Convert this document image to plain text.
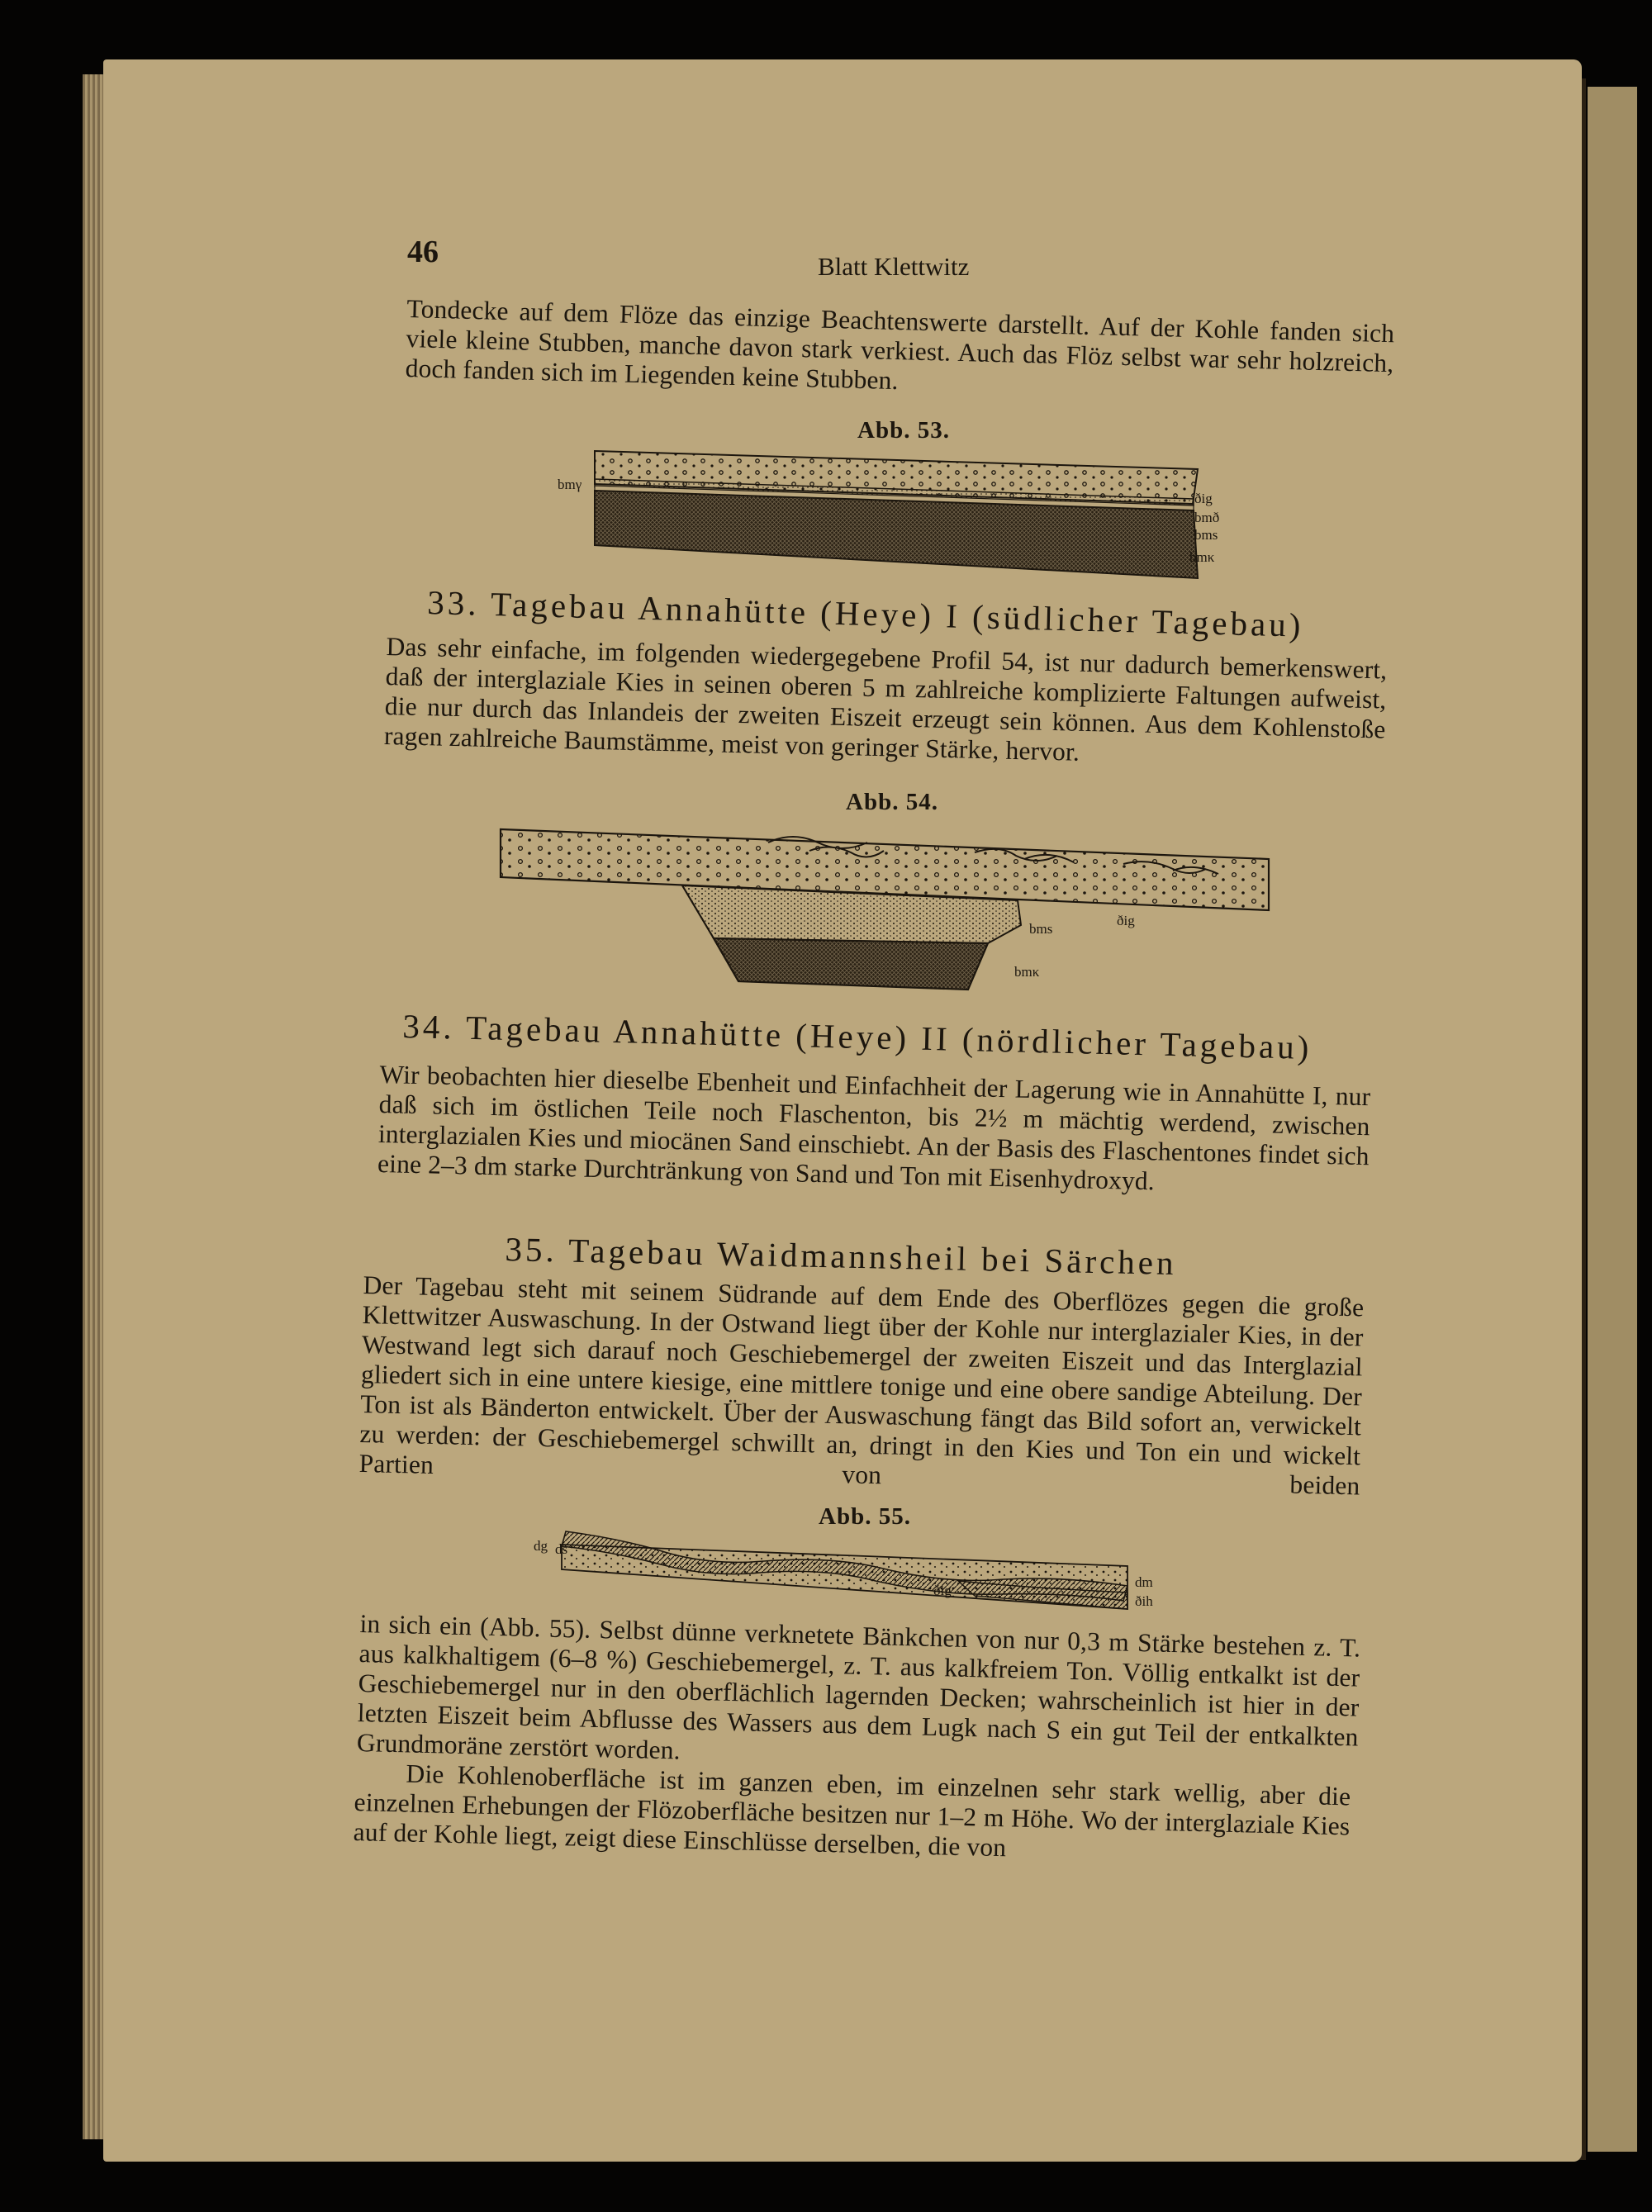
46	Blatt Klettwitz

Tondecke auf dem Flöze das einzige Beachtenswerte darstellt. Auf der Kohle fanden sich viele kleine Stubben, manche davon stark verkiest. Auch das Flöz selbst war sehr holzreich, doch fanden sich im Liegenden keine Stubben.

Abb. 53.
bmγ
ðig
bmð
bms
bmκ
33. Tagebau Annahütte (Heye) I (südlicher Tagebau)

Das sehr einfache, im folgenden wiedergegebene Profil 54, ist nur dadurch bemerkenswert, daß der interglaziale Kies in seinen oberen 5 m zahlreiche komplizierte Faltungen aufweist, die nur durch das Inlandeis der zweiten Eiszeit erzeugt sein können. Aus dem Kohlenstoße ragen zahlreiche Baumstämme, meist von geringer Stärke, hervor.

Abb. 54.
bms
ðig
bmκ
34. Tagebau Annahütte (Heye) II (nördlicher Tagebau)

Wir beobachten hier dieselbe Ebenheit und Einfachheit der Lagerung wie in Annahütte I, nur daß sich im östlichen Teile noch Flaschenton, bis 2½ m mächtig werdend, zwischen interglazialen Kies und miocänen Sand einschiebt. An der Basis des Flaschentones findet sich eine 2–3 dm starke Durchtränkung von Sand und Ton mit Eisenhydroxyd.

35. Tagebau Waidmannsheil bei Särchen

Der Tagebau steht mit seinem Südrande auf dem Ende des Oberflözes gegen die große Klettwitzer Auswaschung. In der Ostwand liegt über der Kohle nur interglazialer Kies, in der Westwand legt sich darauf noch Geschiebemergel der zweiten Eiszeit und das Interglazial gliedert sich in eine untere kiesige, eine mittlere tonige und eine obere sandige Abteilung. Der Ton ist als Bänderton entwickelt. Über der Auswaschung fängt das Bild sofort an, verwickelt zu werden: der Geschiebemergel schwillt an, dringt in den Kies und Ton ein und wickelt Partien von beiden

Abb. 55.
dg ds
ðig
dm
ðih

in sich ein (Abb. 55). Selbst dünne verknetete Bänkchen von nur 0,3 m Stärke bestehen z. T. aus kalkhaltigem (6–8 %) Geschiebemergel, z. T. aus kalkfreiem Ton. Völlig entkalkt ist der Geschiebemergel nur in den oberflächlich lagernden Decken; wahrscheinlich ist hier in der letzten Eiszeit beim Abflusse des Wassers aus dem Lugk nach S ein gut Teil der entkalkten Grundmoräne zerstört worden.

Die Kohlenoberfläche ist im ganzen eben, im einzelnen sehr stark wellig, aber die einzelnen Erhebungen der Flözoberfläche besitzen nur 1–2 m Höhe. Wo der interglaziale Kies auf der Kohle liegt, zeigt diese Einschlüsse derselben, die von
